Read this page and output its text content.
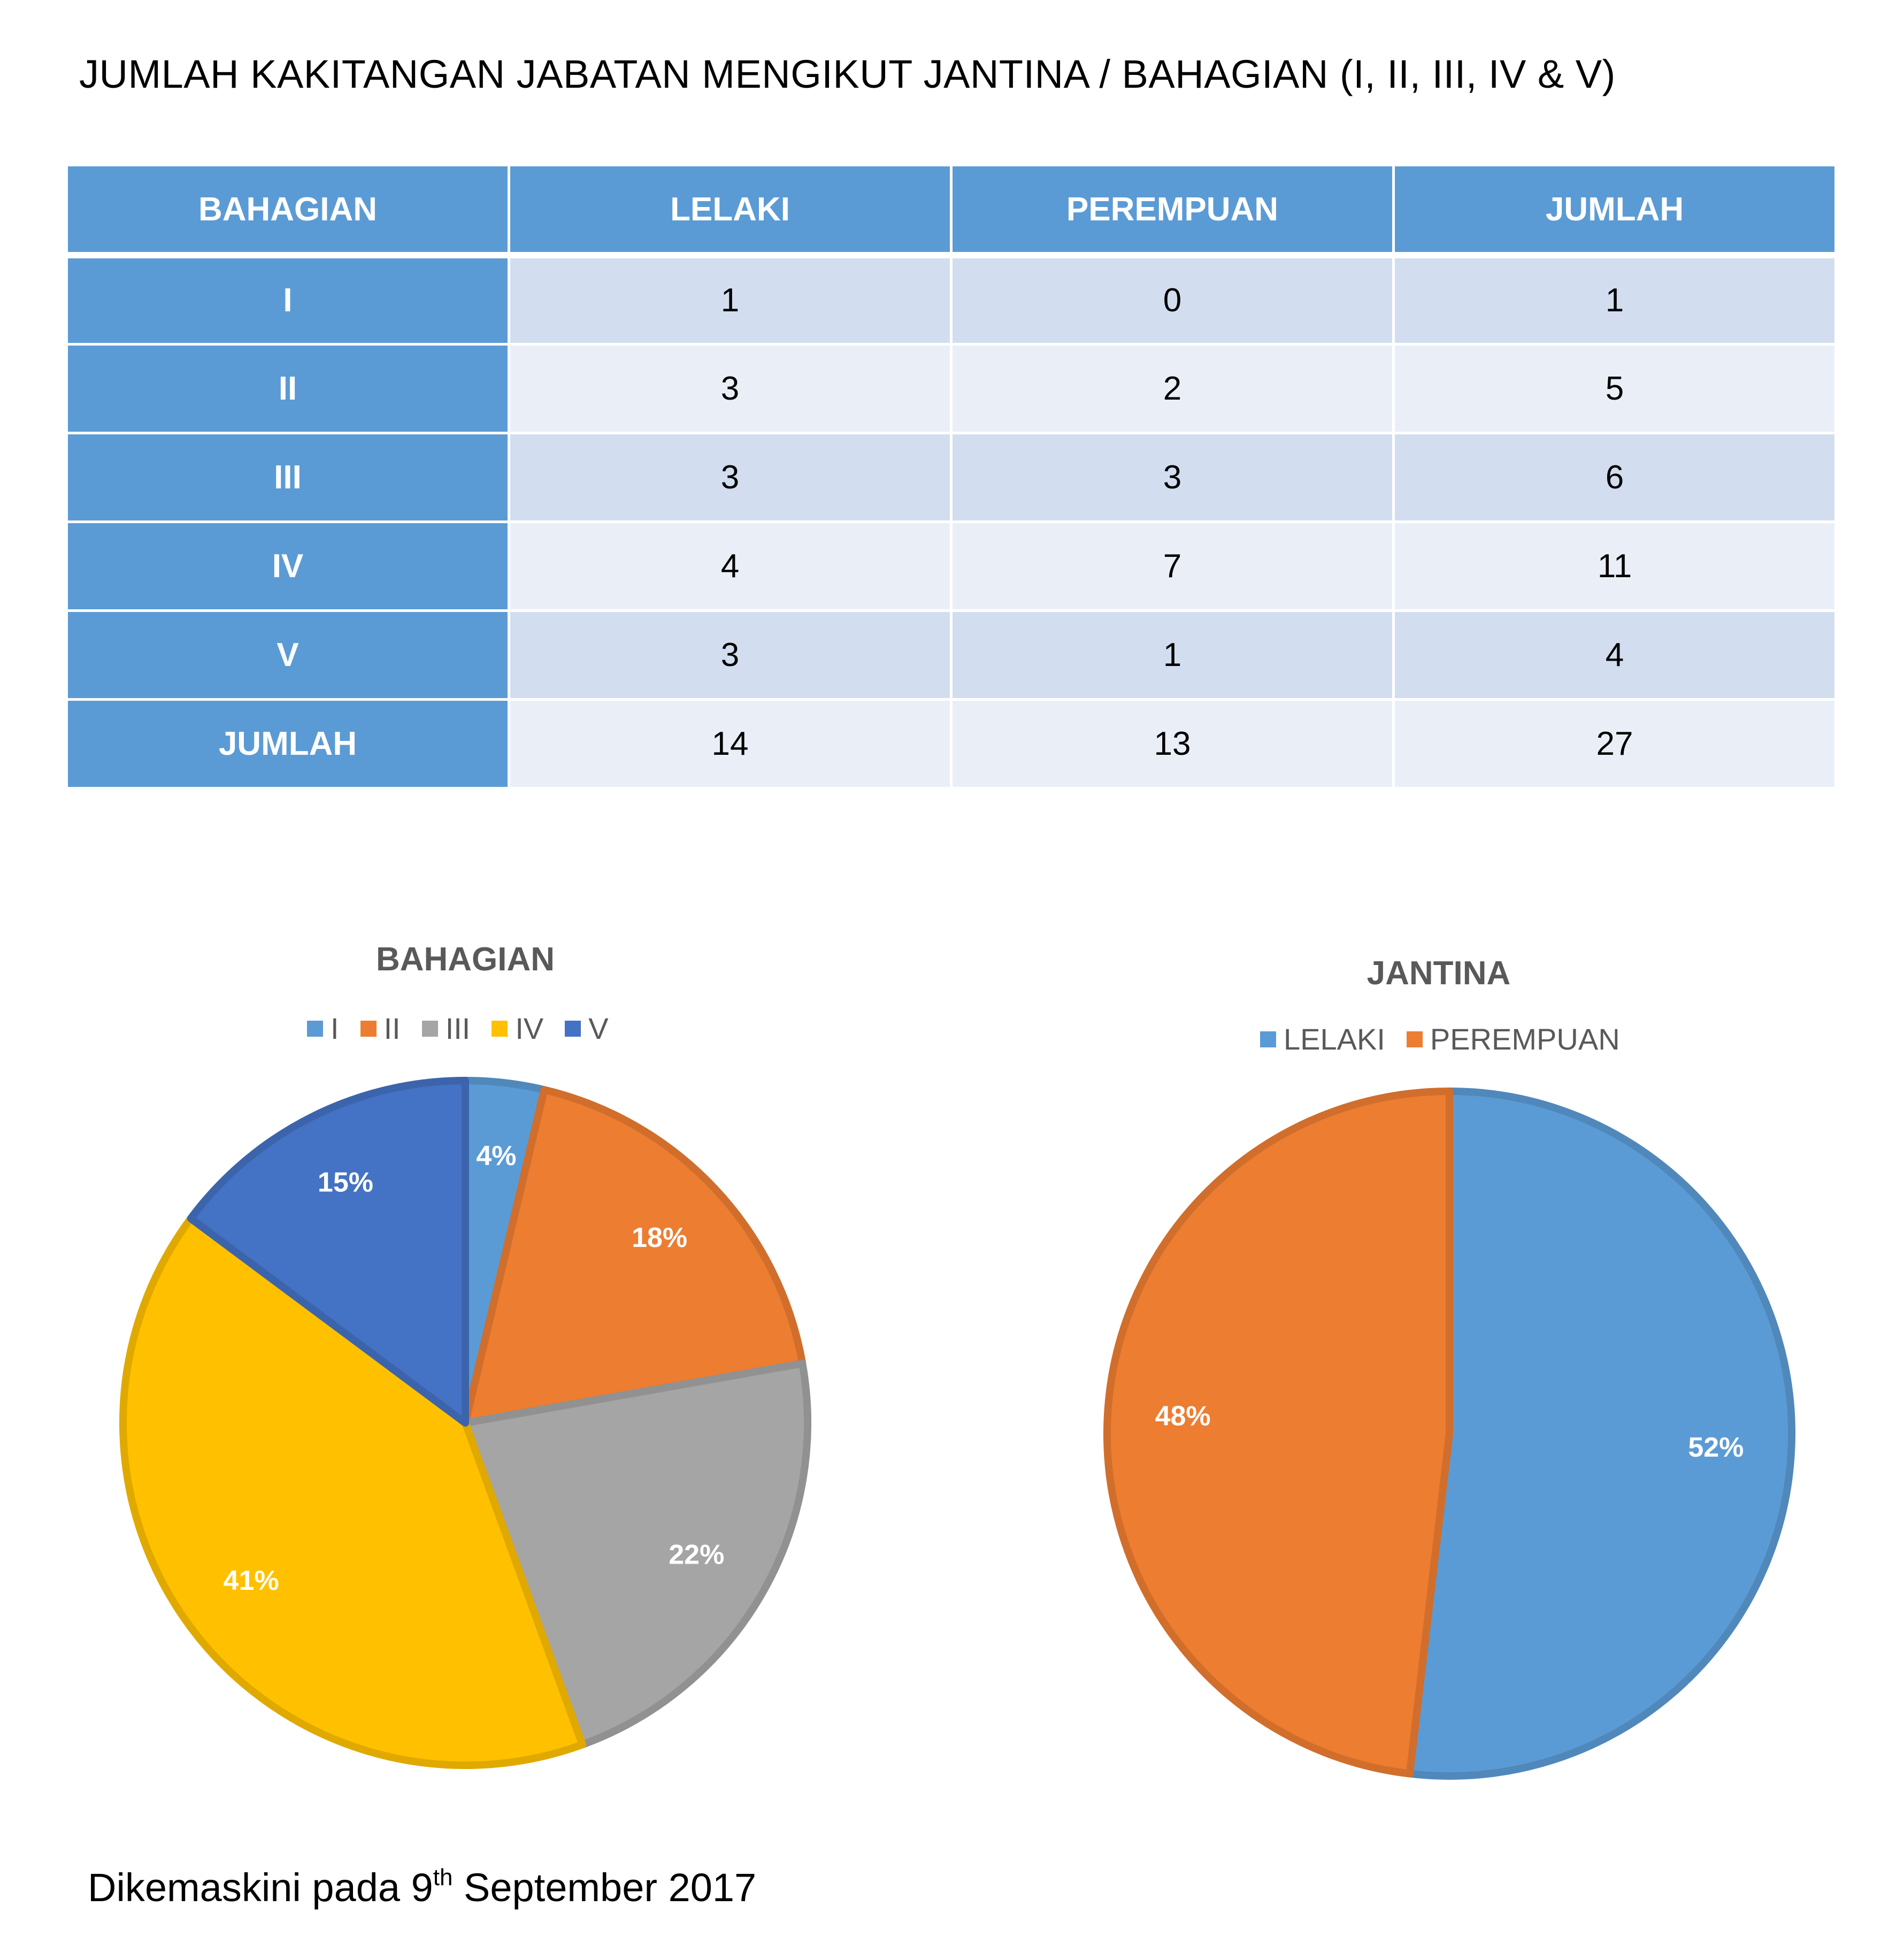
JUMLAH KAKITANGAN JABATAN MENGIKUT JANTINA / BAHAGIAN (I, II, III, IV & V)
BAHAGIAN	LELAKI	PEREMPUAN	JUMLAH
I	1	0	1
II	3	2	5
III	3	3	6
IV	4	7	11
V	3	1	4
JUMLAH	14	13	27
BAHAGIAN
I II III IV V
4%
18%
22%
41%
15%
JANTINA
LELAKI PEREMPUAN
52%
48%
Dikemaskini pada 9th September 2017
